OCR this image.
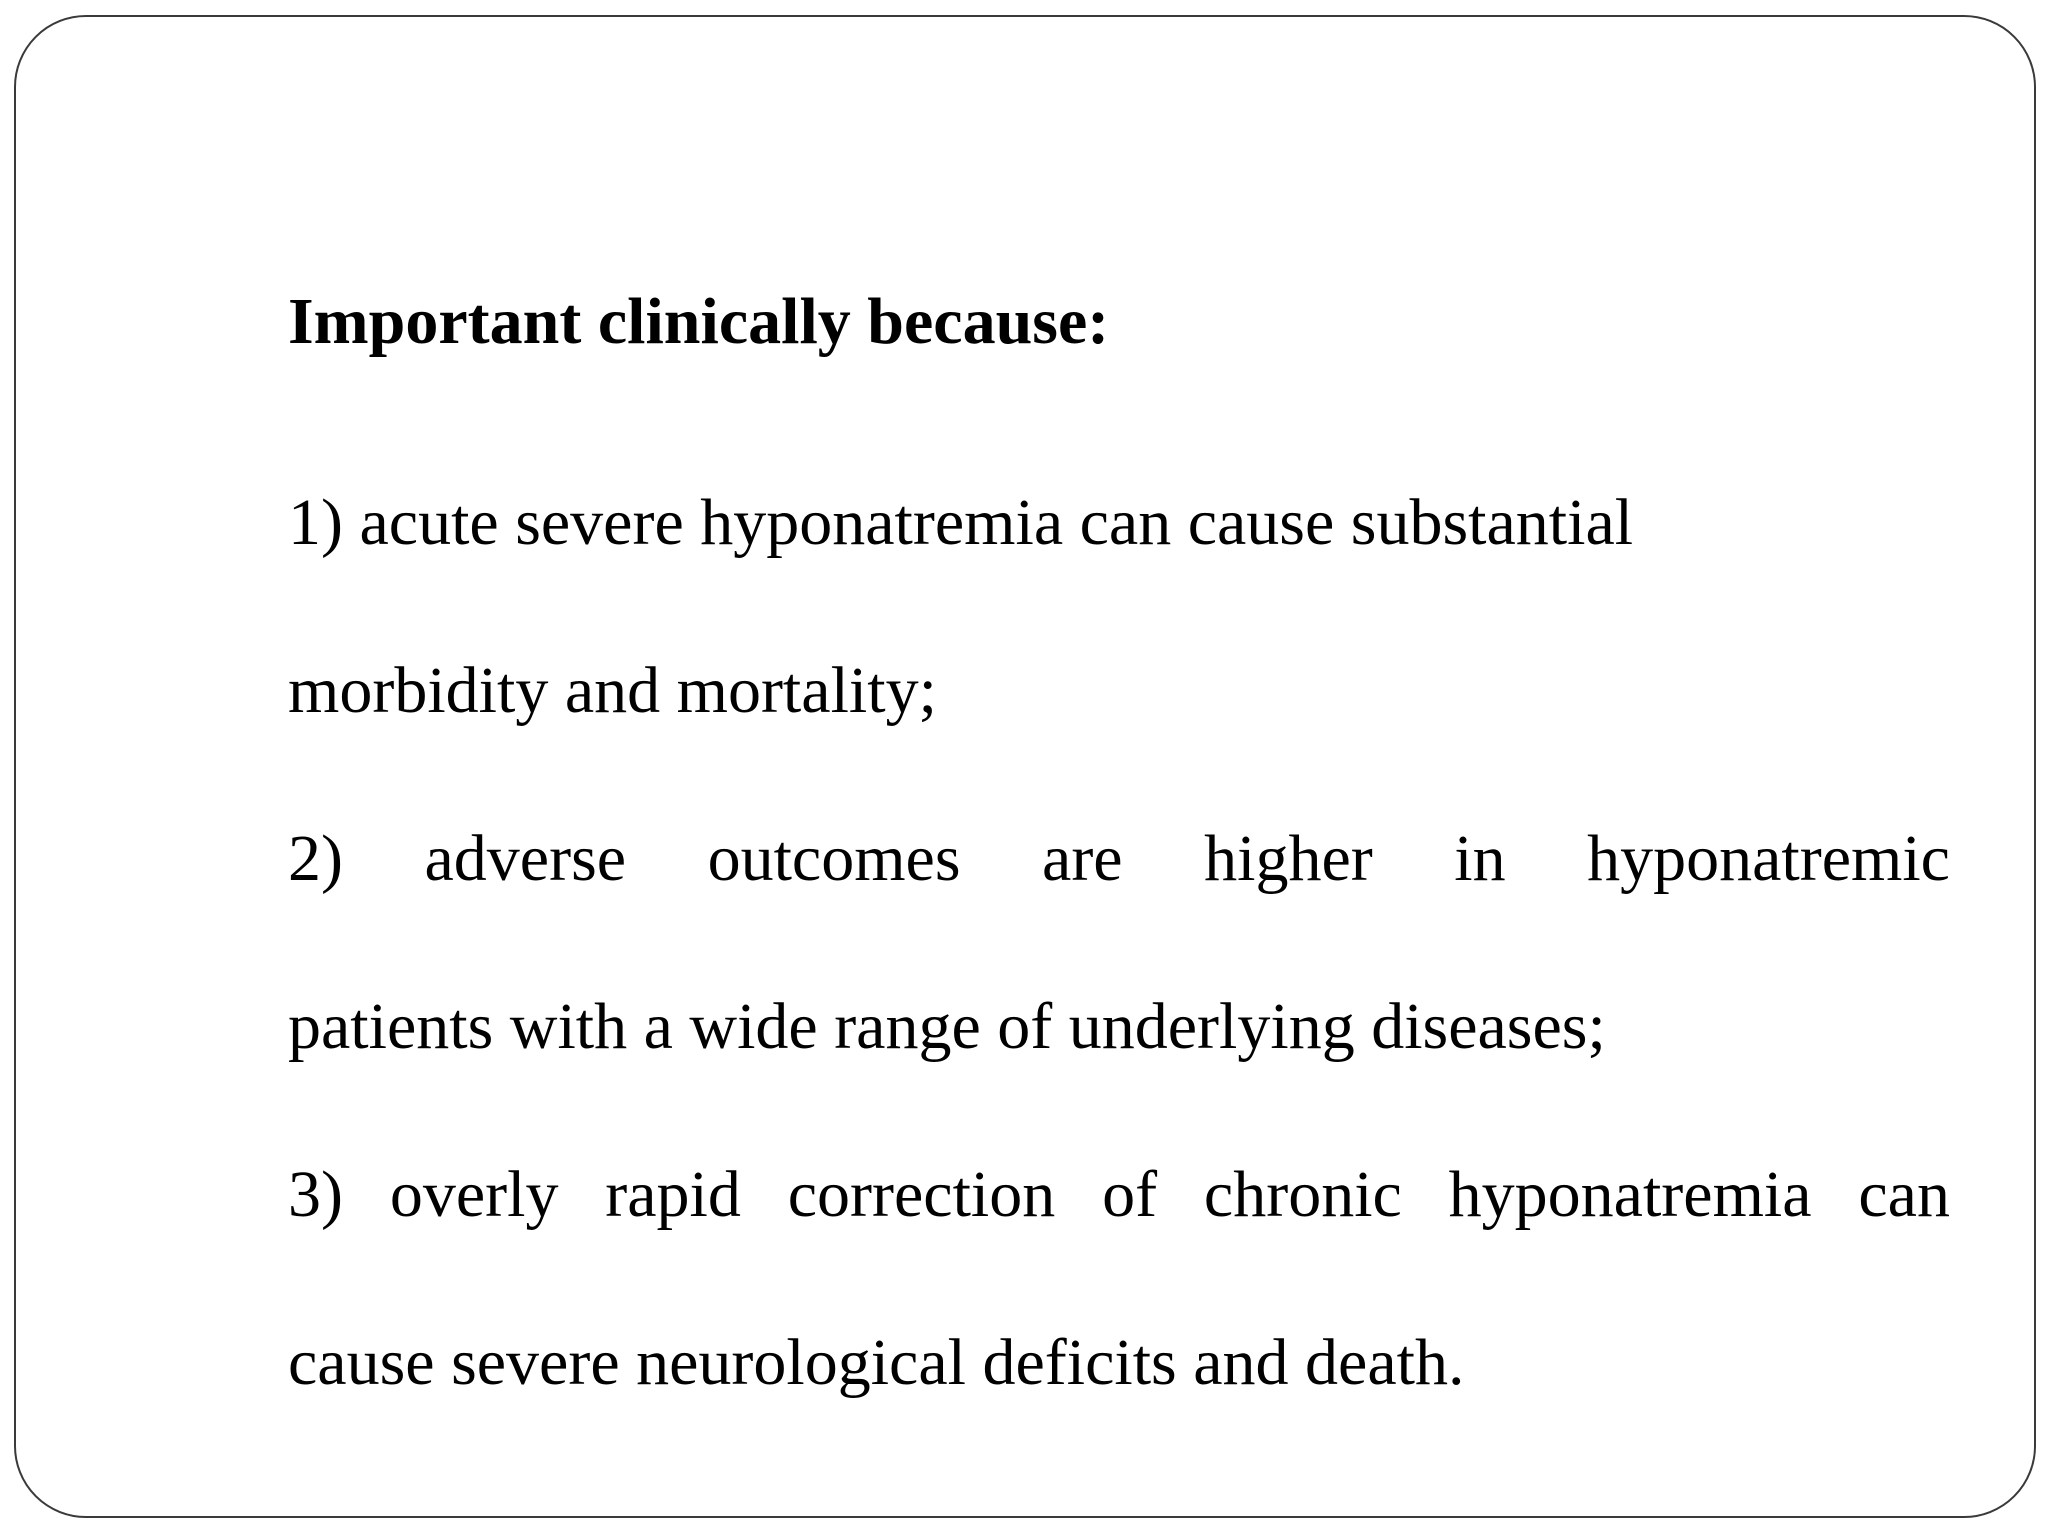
Important clinically because:

1) acute severe hyponatremia can cause substantial
morbidity and mortality;
2) adverse outcomes are higher in hyponatremic
patients with a wide range of underlying diseases;
3) overly rapid correction of chronic hyponatremia can
cause severe neurological deficits and death.
